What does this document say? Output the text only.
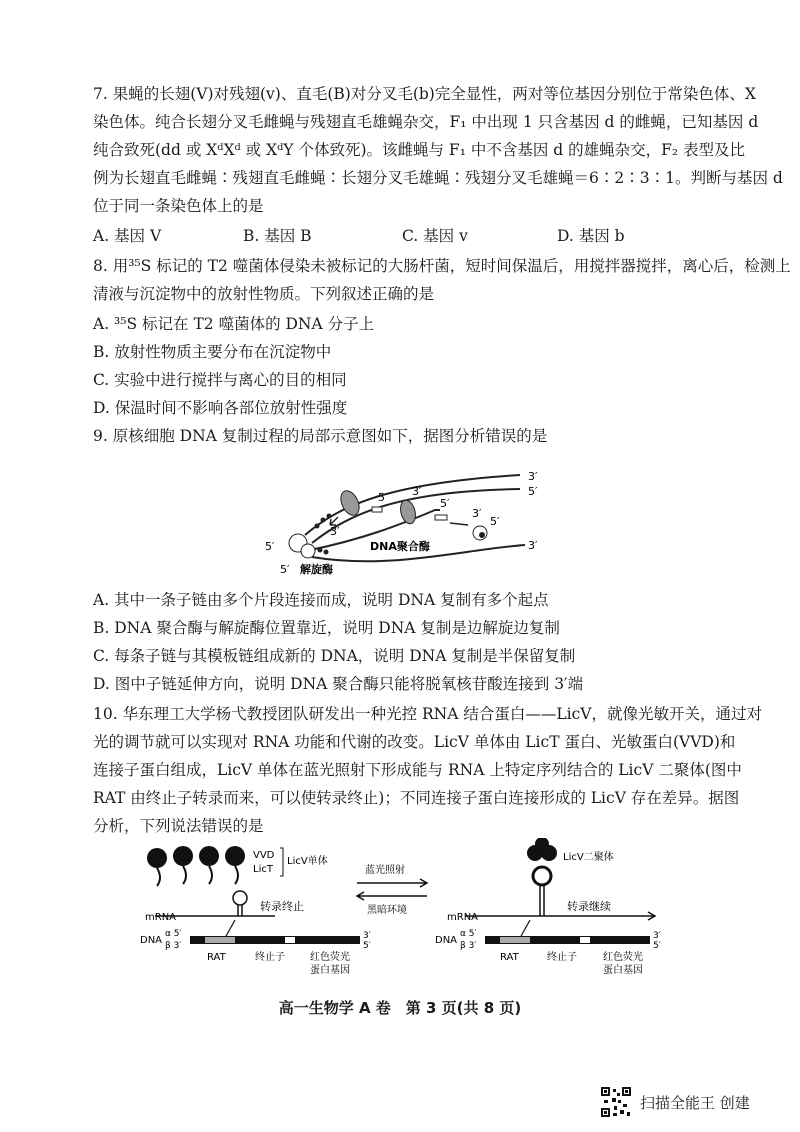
7. 果蝇的长翅(V)对残翅(v)、直毛(B)对分叉毛(b)完全显性，两对等位基因分别位于常染色体、X
染色体。纯合长翅分叉毛雌蝇与残翅直毛雄蝇杂交，F₁ 中出现 1 只含基因 d 的雌蝇，已知基因 d
纯合致死(dd 或 XᵈXᵈ 或 XᵈY 个体致死)。该雌蝇与 F₁ 中不含基因 d 的雄蝇杂交，F₂ 表型及比
例为长翅直毛雌蝇∶残翅直毛雌蝇∶长翅分叉毛雄蝇∶残翅分叉毛雄蝇＝6∶2∶3∶1。判断与基因 d
位于同一条染色体上的是
A. 基因 V	B. 基因 B	C. 基因 v	D. 基因 b
8. 用³⁵S 标记的 T2 噬菌体侵染未被标记的大肠杆菌，短时间保温后，用搅拌器搅拌，离心后，检测上
清液与沉淀物中的放射性物质。下列叙述正确的是
A. ³⁵S 标记在 T2 噬菌体的 DNA 分子上
B. 放射性物质主要分布在沉淀物中
C. 实验中进行搅拌与离心的目的相同
D. 保温时间不影响各部位放射性强度
9. 原核细胞 DNA 复制过程的局部示意图如下，据图分析错误的是
3′
5′
5′ 3′
5′
3′
5′
3′
3′
5′
5′
DNA聚合酶
解旋酶
A. 其中一条子链由多个片段连接而成，说明 DNA 复制有多个起点
B. DNA 聚合酶与解旋酶位置靠近，说明 DNA 复制是边解旋边复制
C. 每条子链与其模板链组成新的 DNA，说明 DNA 复制是半保留复制
D. 图中子链延伸方向，说明 DNA 聚合酶只能将脱氧核苷酸连接到 3′端
10. 华东理工大学杨弋教授团队研发出一种光控 RNA 结合蛋白——LicV，就像光敏开关，通过对
光的调节就可以实现对 RNA 功能和代谢的改变。LicV 单体由 LicT 蛋白、光敏蛋白(VVD)和
连接子蛋白组成，LicV 单体在蓝光照射下形成能与 RNA 上特定序列结合的 LicV 二聚体(图中
RAT 由终止子转录而来，可以使转录终止)；不同连接子蛋白连接形成的 LicV 存在差异。据图
分析，下列说法错误的是
VVD
LicT
LicV单体
mRNA
转录终止
DNA
α 5′
β 3′
3′
5′
RAT	终止子	红色荧光
蛋白基因
蓝光照射
黑暗环境
LicV二聚体
mRNA
转录继续
DNA
α 5′
β 3′
3′
5′
RAT	终止子	红色荧光
蛋白基因
高一生物学 A 卷　第 3 页(共 8 页)
扫描全能王 创建
